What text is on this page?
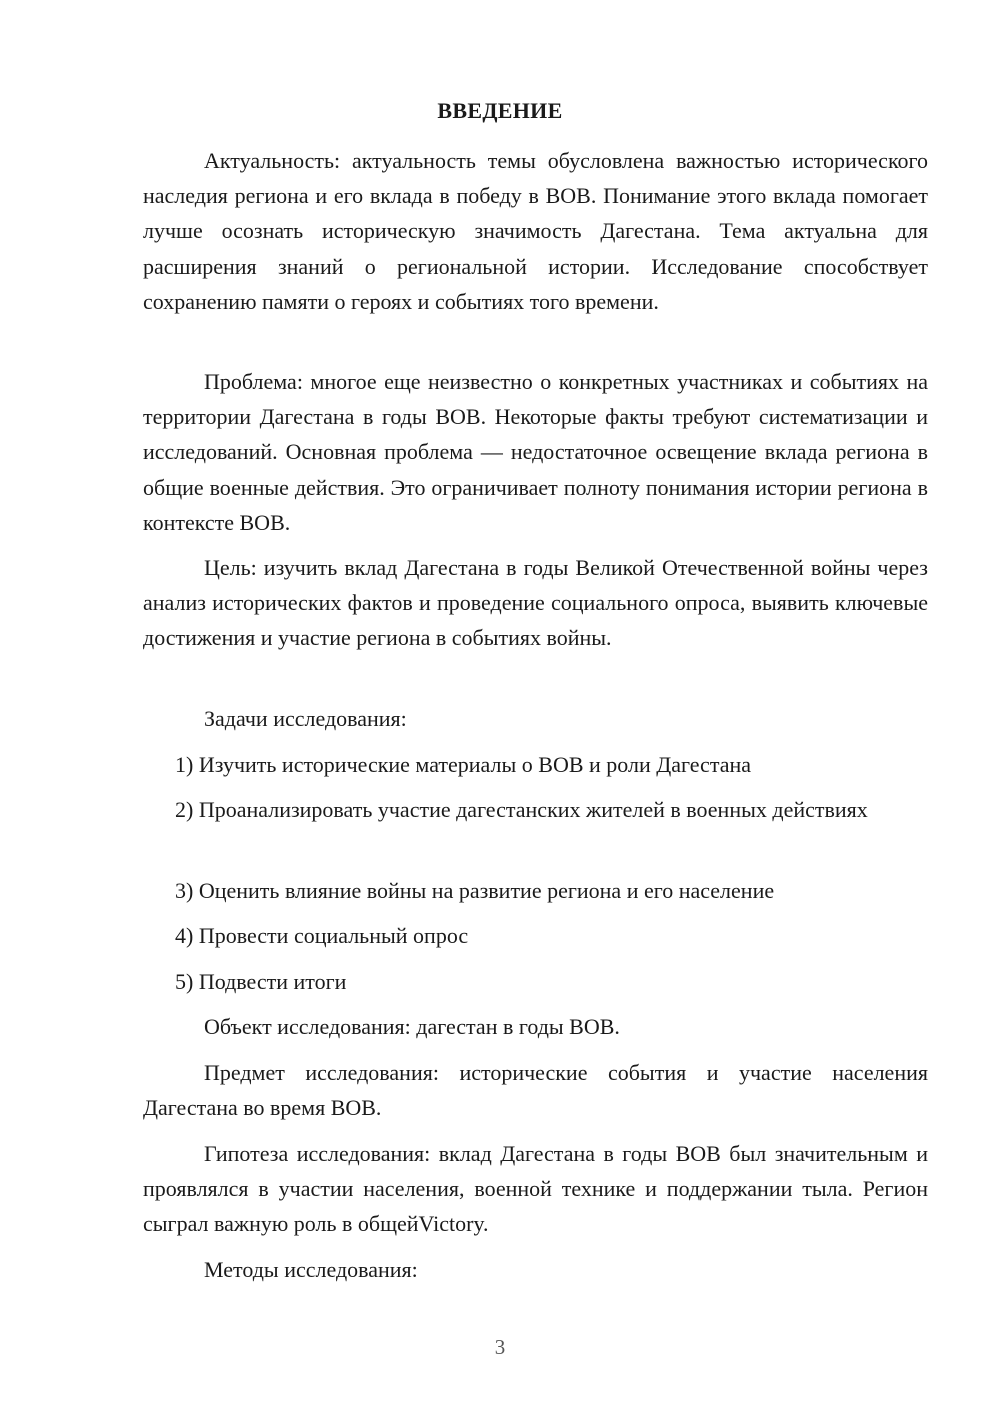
ВВЕДЕНИЕ

Актуальность: актуальность темы обусловлена важностью исторического наследия региона и его вклада в победу в ВОВ. Понимание этого вклада помогает лучше осознать историческую значимость Дагестана. Тема актуальна для расширения знаний о региональной истории. Исследование способствует сохранению памяти о героях и событиях того времени.

Проблема: многое еще неизвестно о конкретных участниках и событиях на территории Дагестана в годы ВОВ. Некоторые факты требуют систематизации и исследований. Основная проблема — недостаточное освещение вклада региона в общие военные действия. Это ограничивает полноту понимания истории региона в контексте ВОВ.

Цель: изучить вклад Дагестана в годы Великой Отечественной войны через анализ исторических фактов и проведение социального опроса, выявить ключевые достижения и участие региона в событиях войны.

Задачи исследования:

1) Изучить исторические материалы о ВОВ и роли Дагестана

2) Проанализировать участие дагестанских жителей в военных действиях

3) Оценить влияние войны на развитие региона и его население

4) Провести социальный опрос

5) Подвести итоги

Объект исследования: дагестан в годы ВОВ.

Предмет исследования: исторические события и участие населения Дагестана во время ВОВ.

Гипотеза исследования: вклад Дагестана в годы ВОВ был значительным и проявлялся в участии населения, военной технике и поддержании тыла. Регион сыграл важную роль в общейVictory.

Методы исследования:

3
